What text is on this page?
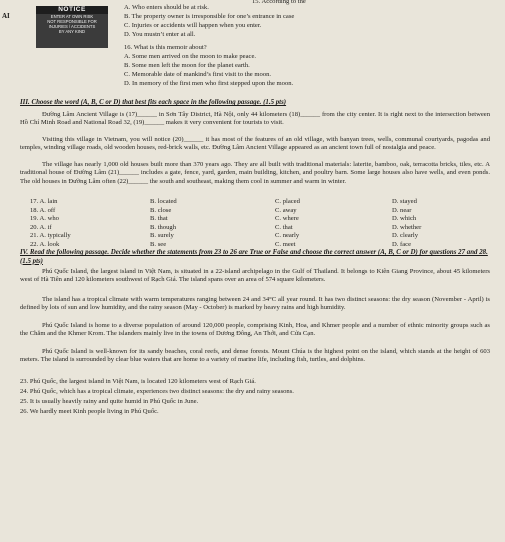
AI
NOTICE
ENTER AT OWN RISK
NOT RESPONSIBLE FOR
INJURIES / ACCIDENTS
BY ANY KIND
15. According to the
A. Who enters should be at risk.
B. The property owner is irresponsible for one’s entrance in case
C. Injuries or accidents will happen when you enter.
D. You mustn’t enter at all.
16. What is this memoir about?
A. Some men arrived on the moon to make peace.
B. Some men left the moon for the planet earth.
C. Memorable date of mankind’s first visit to the moon.
D. In memory of the first men who first stepped upon the moon.
III. Choose the word (A, B, C or D) that best fits each space in the following passage. (1.5 pts)
Đường Lâm Ancient Village is (17)______ in Sơn Tây District, Hà Nội, only 44 kilometers (18)______ from the city center. It is right next to the intersection between Hồ Chí Minh Road and National Road 32, (19)______ makes it very convenient for tourists to visit.
Visiting this village in Vietnam, you will notice (20)______ it has most of the features of an old village, with banyan trees, wells, communal courtyards, pagodas and temples, winding village roads, old wooden houses, red-brick walls, etc. Đường Lâm Ancient Village appeared as an ancient town full of nostalgia and peace.
The village has nearly 1,000 old houses built more than 370 years ago. They are all built with traditional materials: laterite, bamboo, oak, terracotta bricks, tiles, etc. A traditional house of Đường Lâm (21)______ includes a gate, fence, yard, garden, main building, kitchen, and poultry barn. Some large houses also have wells, and even ponds. The old houses in Đường Lâm often (22)______ the south and southeast, making them cool in summer and warm in winter.
17. A. lain	B. located	C. placed	D. stayed
18. A. off	B. close	C. away	D. near
19. A. who	B. that	C. where	D. which
20. A. if	B. though	C. that	D. whether
21. A. typically	B. surely	C. nearly	D. clearly
22. A. look	B. see	C. meet	D. face
IV. Read the following passage. Decide whether the statements from 23 to 26 are True or False and choose the correct answer (A, B, C or D) for questions 27 and 28. (1.5 pts)
Phú Quốc Island, the largest island in Việt Nam, is situated in a 22-island archipelago in the Gulf of Thailand. It belongs to Kiên Giang Province, about 45 kilometers west of Hà Tiên and 120 kilometers southwest of Rạch Giá. The island spans over an area of 574 square kilometers.
The island has a tropical climate with warm temperatures ranging between 24 and 34°C all year round. It has two distinct seasons: the dry season (November - April) is defined by lots of sun and low humidity, and the rainy season (May - October) is marked by heavy rains and high humidity.
Phú Quốc Island is home to a diverse population of around 120,000 people, comprising Kinh, Hoa, and Khmer people and a number of ethnic minority groups such as the Chăm and the Khmer Krom. The islanders mainly live in the towns of Dương Đông, An Thới, and Cửa Cạn.
Phú Quốc Island is well-known for its sandy beaches, coral reefs, and dense forests. Mount Chúa is the highest point on the island, which stands at the height of 603 meters. The island is surrounded by clear blue waters that are home to a variety of marine life, including fish, turtles, and dolphins.
23. Phú Quốc, the largest island in Việt Nam, is located 120 kilometers west of Rạch Giá.
24. Phú Quốc, which has a tropical climate, experiences two distinct seasons: the dry and rainy seasons.
25. It is usually heavily rainy and quite humid in Phú Quốc in June.
26. We hardly meet Kinh people living in Phú Quốc.
